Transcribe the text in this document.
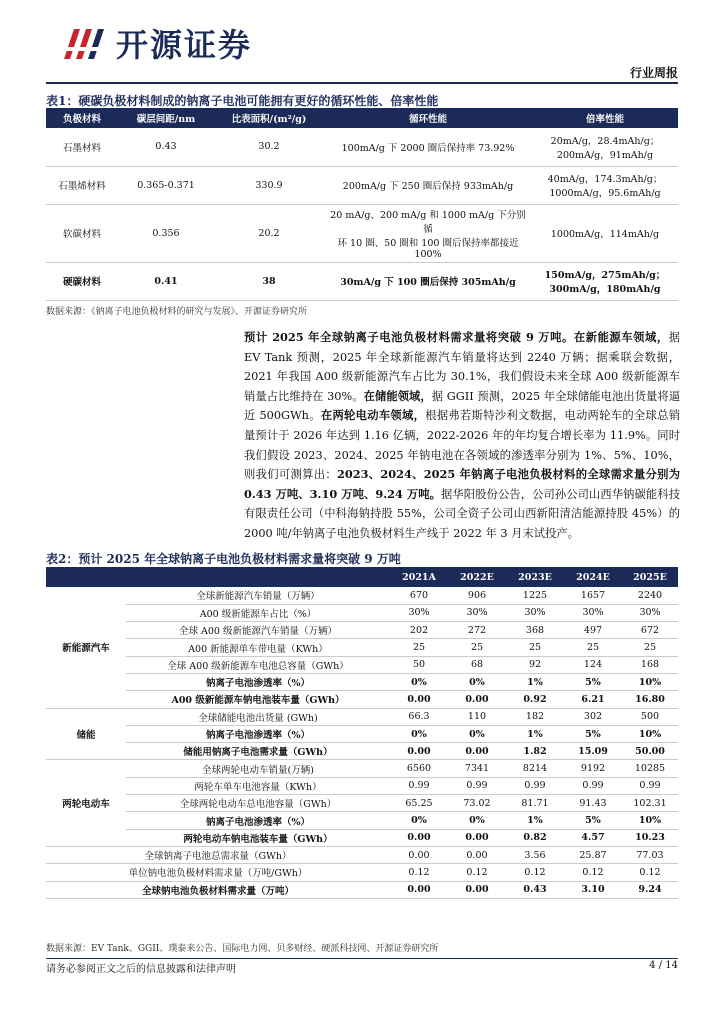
开源证券
行业周报
表1：硬碳负极材料制成的钠离子电池可能拥有更好的循环性能、倍率性能
负极材料	碳层间距/nm	比表面积/(m²/g)	循环性能	倍率性能
石墨材料	0.43	30.2	100mA/g 下 2000 圈后保持率 73.92%	20mA/g，28.4mAh/g；
200mA/g，91mAh/g

石墨烯材料	0.365-0.371	330.9	200mA/g 下 250 圈后保持 933mAh/g	40mA/g，174.3mAh/g；
1000mA/g，95.6mAh/g

软碳材料	0.356	20.2	20 mA/g、200 mA/g 和 1000 mA/g 下分别循
环 10 圈、50 圈和 100 圈后保持率都接近
100%	1000mA/g，114mAh/g
硬碳材料	0.41	38	30mA/g 下 100 圈后保持 305mAh/g	150mA/g，275mAh/g；
300mA/g，180mAh/g
数据来源：《钠离子电池负极材料的研究与发展》、开源证券研究所
预计 2025 年全球钠离子电池负极材料需求量将突破 9 万吨。在新能源车领域，据 EV Tank 预测，2025 年全球新能源汽车销量将达到 2240 万辆；据乘联会数据，2021 年我国 A00 级新能源汽车占比为 30.1%，我们假设未来全球 A00 级新能源车销量占比维持在 30%。在储能领域，据 GGII 预测，2025 年全球储能电池出货量将逼近 500GWh。在两轮电动车领域，根据弗若斯特沙利文数据，电动两轮车的全球总销量预计于 2026 年达到 1.16 亿辆，2022-2026 年的年均复合增长率为 11.9%。同时我们假设 2023、2024、2025 年钠电池在各领域的渗透率分别为 1%、5%、10%，则我们可测算出：2023、2024、2025 年钠离子电池负极材料的全球需求量分别为 0.43 万吨、3.10 万吨、9.24 万吨。据华阳股份公告，公司孙公司山西华钠碳能科技有限责任公司（中科海钠持股 55%，公司全资子公司山西新阳清洁能源持股 45%）的 2000 吨/年钠离子电池负极材料生产线于 2022 年 3 月末试投产。
表2：预计 2025 年全球钠离子电池负极材料需求量将突破 9 万吨
		2021A	2022E	2023E	2024E	2025E
新能源汽车	全球新能源汽车销量（万辆）	670	906	1225	1657	2240
	A00 级新能源车占比（%）	30%	30%	30%	30%	30%
	全球 A00 级新能源汽车销量（万辆）	202	272	368	497	672
	A00 新能源单车带电量（KWh）	25	25	25	25	25
	全球 A00 级新能源车电池总容量（GWh）	50	68	92	124	168
	钠离子电池渗透率（%）	0%	0%	1%	5%	10%
	A00 级新能源车钠电池装车量（GWh）	0.00	0.00	0.92	6.21	16.80
储能	全球储能电池出货量 (GWh)	66.3	110	182	302	500
	钠离子电池渗透率（%）	0%	0%	1%	5%	10%
	储能用钠离子电池需求量（GWh）	0.00	0.00	1.82	15.09	50.00
两轮电动车	全球两轮电动车销量(万辆)	6560	7341	8214	9192	10285
	两轮车单车电池容量（KWh）	0.99	0.99	0.99	0.99	0.99
	全球两轮电动车总电池容量（GWh）	65.25	73.02	81.71	91.43	102.31
	钠离子电池渗透率（%）	0%	0%	1%	5%	10%
	两轮电动车钠电池装车量（GWh）	0.00	0.00	0.82	4.57	10.23
全球钠离子电池总需求量（GWh）		0.00	0.00	3.56	25.87	77.03
单位钠电池负极材料需求量（万吨/GWh）		0.12	0.12	0.12	0.12	0.12
全球钠电池负极材料需求量（万吨）		0.00	0.00	0.43	3.10	9.24
数据来源：EV Tank、GGII、璞泰来公告、国际电力网、贝多财经、硬派科技网、开源证券研究所
请务必参阅正文之后的信息披露和法律声明	4 / 14
